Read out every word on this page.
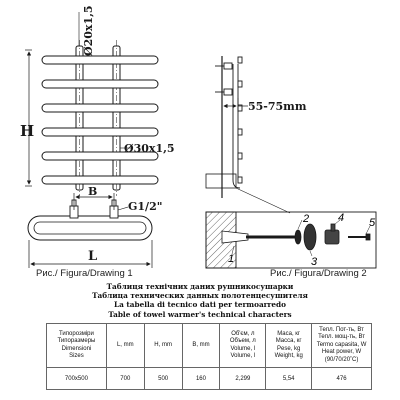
H
Ø20x1,5
Ø30x1,5
B
G1/2"
L
55-75mm
1
2
3
4 5
Рис./ Figura/Drawing 1	Рис./ Figura/Drawing 2
Таблиця технічних даних рушникосушарки
Таблица технических данных полотенцесушителя
La tabella di tecnico dati per termoarredo
Table of towel warmer's technical characters
Типорозміри
Типоразмеры
Dimensioni
Sizes	L, mm	H, mm	B, mm	Об'єм, л
Объем, л
Volume, l
Volume, l	Маса, кг
Масса, кг
Pese, kg
Weight, kg	Тепл. Пот-ть, Вт
Тепл. мощ-ть, Вт
Termo capasita, W
Heat power, W
(90/70/20˚С)

700x500	700	500	160	2,299	5,54	476
